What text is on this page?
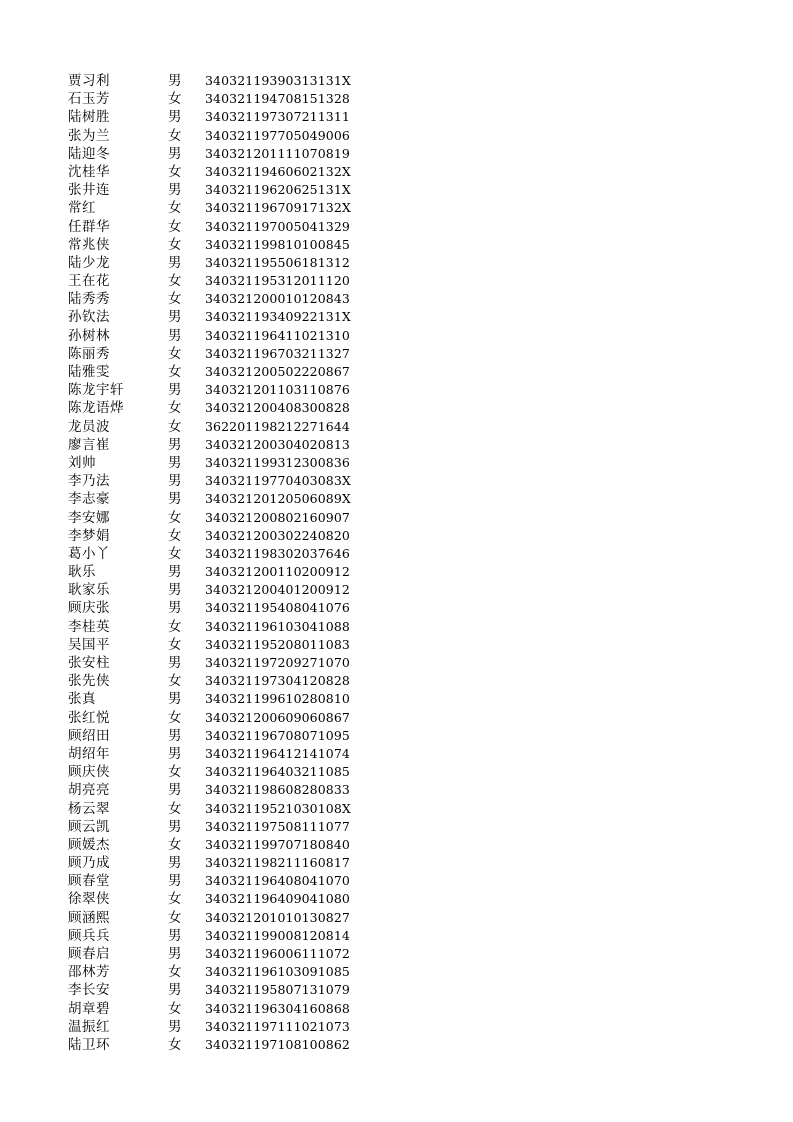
贾习利	男 34032119390313131X
石玉芳	女 340321194708151328
陆树胜	男 340321197307211311
张为兰	女 340321197705049006
陆迎冬	男 340321201111070819
沈桂华	女 34032119460602132X
张井连	男 34032119620625131X
常红	女 34032119670917132X
任群华	女 340321197005041329
常兆侠	女 340321199810100845
陆少龙	男 340321195506181312
王在花	女 340321195312011120
陆秀秀	女 340321200010120843
孙钦法	男 34032119340922131X
孙树林	男 340321196411021310
陈丽秀	女 340321196703211327
陆雅雯	女 340321200502220867
陈龙宇轩	男 340321201103110876
陈龙语烨	女 340321200408300828
龙员波	女 362201198212271644
廖言崔	男 340321200304020813
刘帅	男 340321199312300836
李乃法	男 34032119770403083X
李志豪	男 34032120120506089X
李安娜	女 340321200802160907
李梦娟	女 340321200302240820
葛小丫	女 340321198302037646
耿乐	男 340321200110200912
耿家乐	男 340321200401200912
顾庆张	男 340321195408041076
李桂英	女 340321196103041088
吴国平	女 340321195208011083
张安柱	男 340321197209271070
张先侠	女 340321197304120828
张真	男 340321199610280810
张红悦	女 340321200609060867
顾绍田	男 340321196708071095
胡绍年	男 340321196412141074
顾庆侠	女 340321196403211085
胡亮亮	男 340321198608280833
杨云翠	女 34032119521030108X
顾云凯	男 340321197508111077
顾媛杰	女 340321199707180840
顾乃成	男 340321198211160817
顾春堂	男 340321196408041070
徐翠侠	女 340321196409041080
顾涵熙	女 340321201010130827
顾兵兵	男 340321199008120814
顾春启	男 340321196006111072
邵林芳	女 340321196103091085
李长安	男 340321195807131079
胡章碧	女 340321196304160868
温振红	男 340321197111021073
陆卫环	女 340321197108100862
